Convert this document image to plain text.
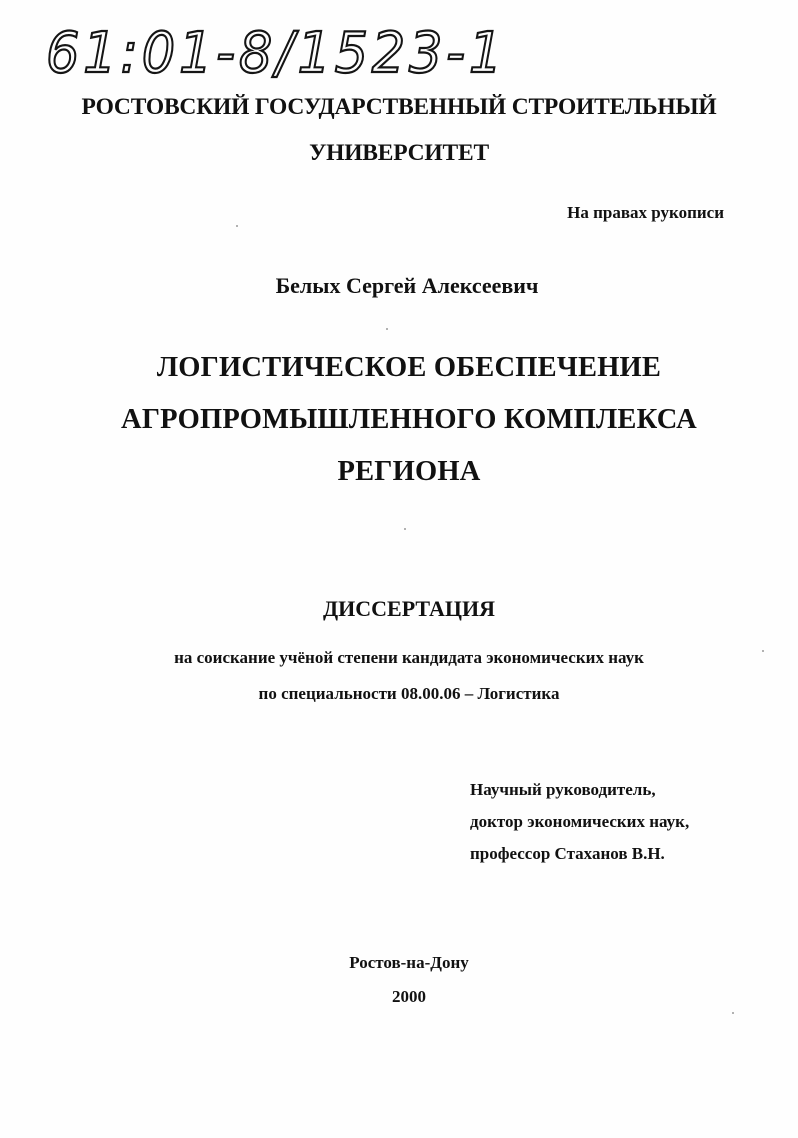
61:01-8/1523-1
РОСТОВСКИЙ ГОСУДАРСТВЕННЫЙ СТРОИТЕЛЬНЫЙ
УНИВЕРСИТЕТ
На правах рукописи
Белых Сергей Алексеевич
ЛОГИСТИЧЕСКОЕ ОБЕСПЕЧЕНИЕ
АГРОПРОМЫШЛЕННОГО КОМПЛЕКСА
РЕГИОНА
ДИССЕРТАЦИЯ
на соискание учёной степени кандидата экономических наук
по специальности 08.00.06 – Логистика
Научный руководитель,
доктор экономических наук,
профессор Стаханов В.Н.
Ростов-на-Дону
2000
